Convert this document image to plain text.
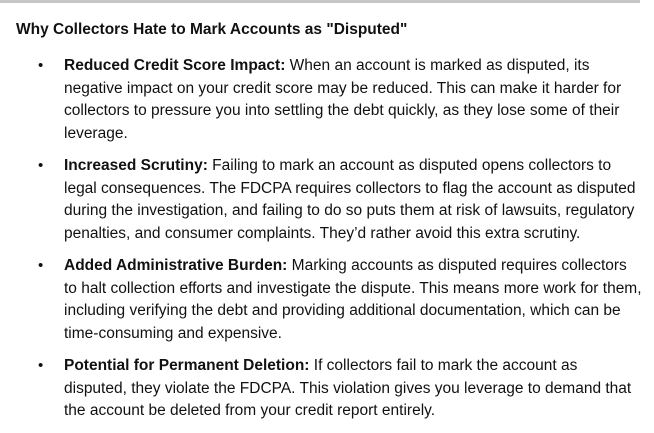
Why Collectors Hate to Mark Accounts as "Disputed"
• Reduced Credit Score Impact: When an account is marked as disputed, its negative impact on your credit score may be reduced. This can make it harder for collectors to pressure you into settling the debt quickly, as they lose some of their leverage.
• Increased Scrutiny: Failing to mark an account as disputed opens collectors to legal consequences. The FDCPA requires collectors to flag the account as disputed during the investigation, and failing to do so puts them at risk of lawsuits, regulatory penalties, and consumer complaints. They’d rather avoid this extra scrutiny.
• Added Administrative Burden: Marking accounts as disputed requires collectors to halt collection efforts and investigate the dispute. This means more work for them, including verifying the debt and providing additional documentation, which can be time-consuming and expensive.
• Potential for Permanent Deletion: If collectors fail to mark the account as disputed, they violate the FDCPA. This violation gives you leverage to demand that the account be deleted from your credit report entirely.
